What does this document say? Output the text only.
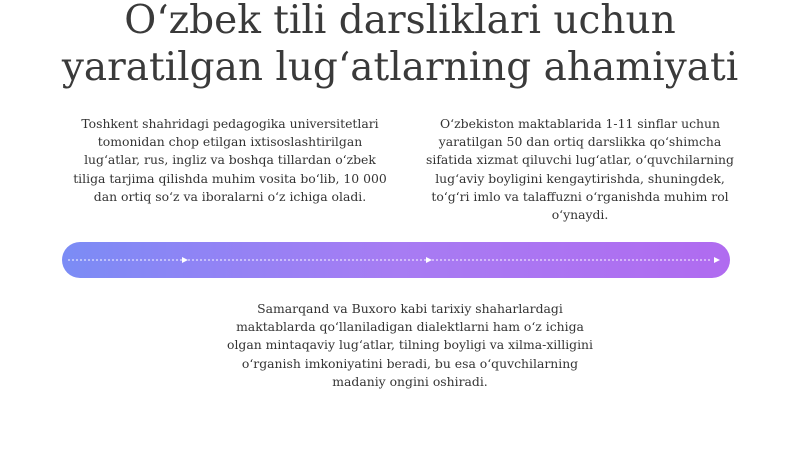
O‘zbek tili darsliklari uchun
yaratilgan lug‘atlarning ahamiyati

Toshkent shahridagi pedagogika universitetlari tomonidan chop etilgan ixtisoslashtirilgan lug‘atlar, rus, ingliz va boshqa tillardan o‘zbek tiliga tarjima qilishda muhim vosita bo‘lib, 10 000 dan ortiq so‘z va iboralarni o‘z ichiga oladi.

O‘zbekiston maktablarida 1-11 sinflar uchun yaratilgan 50 dan ortiq darslikka qo‘shimcha sifatida xizmat qiluvchi lug‘atlar, o‘quvchilarning lug‘aviy boyligini kengaytirishda, shuningdek, to‘g‘ri imlo va talaffuzni o‘rganishda muhim rol o‘ynaydi.

Samarqand va Buxoro kabi tarixiy shaharlardagi maktablarda qo‘llaniladigan dialektlarni ham o‘z ichiga olgan mintaqaviy lug‘atlar, tilning boyligi va xilma-xilligini o‘rganish imkoniyatini beradi, bu esa o‘quvchilarning madaniy ongini oshiradi.
